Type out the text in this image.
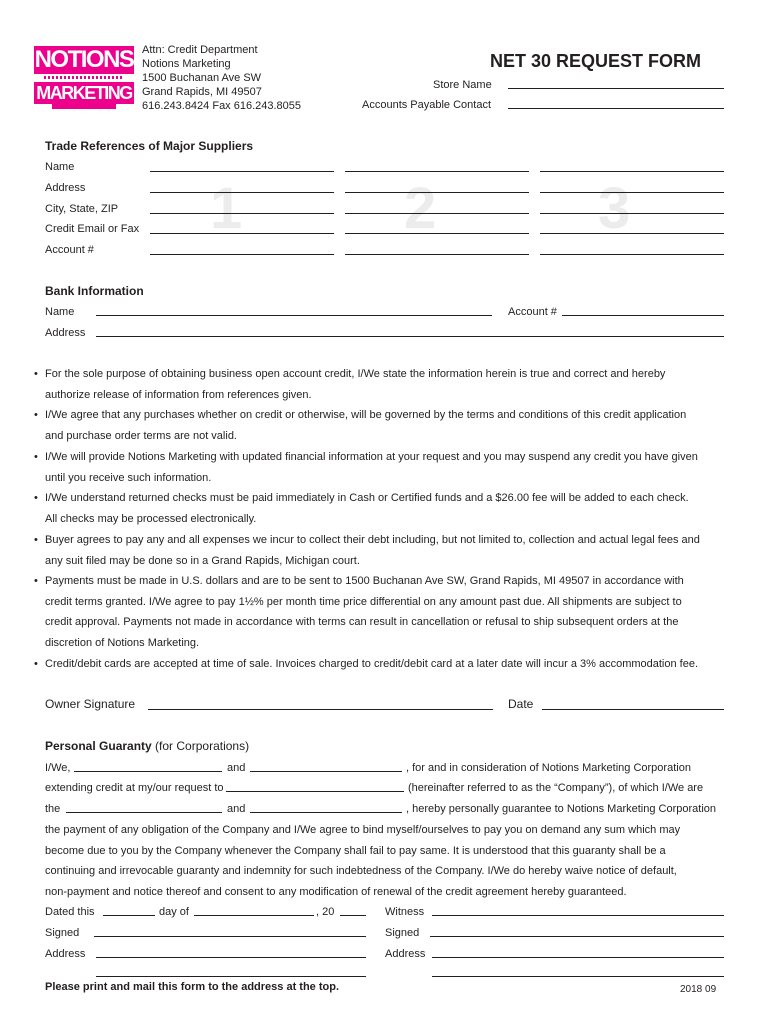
NOTIONS
MARKETING
Attn: Credit Department
Notions Marketing
1500 Buchanan Ave SW
Grand Rapids, MI 49507
616.243.8424 Fax 616.243.8055
NET 30 REQUEST FORM
Store Name
Accounts Payable Contact
Trade References of Major Suppliers
1	2	3
Name
Address
City, State, ZIP
Credit Email or Fax
Account #
Bank Information
Name	Account #
Address
• For the sole purpose of obtaining business open account credit, I/We state the information herein is true and correct and hereby
authorize release of information from references given.
• I/We agree that any purchases whether on credit or otherwise, will be governed by the terms and conditions of this credit application
and purchase order terms are not valid.
• I/We will provide Notions Marketing with updated financial information at your request and you may suspend any credit you have given
until you receive such information.
• I/We understand returned checks must be paid immediately in Cash or Certified funds and a $26.00 fee will be added to each check.
All checks may be processed electronically.
• Buyer agrees to pay any and all expenses we incur to collect their debt including, but not limited to, collection and actual legal fees and
any suit filed may be done so in a Grand Rapids, Michigan court.
• Payments must be made in U.S. dollars and are to be sent to 1500 Buchanan Ave SW, Grand Rapids, MI 49507 in accordance with
credit terms granted. I/We agree to pay 1½% per month time price differential on any amount past due. All shipments are subject to
credit approval. Payments not made in accordance with terms can result in cancellation or refusal to ship subsequent orders at the
discretion of Notions Marketing.
• Credit/debit cards are accepted at time of sale. Invoices charged to credit/debit card at a later date will incur a 3% accommodation fee.
Owner Signature	Date
Personal Guaranty (for Corporations)
I/We,	and	, for and in consideration of Notions Marketing Corporation
extending credit at my/our request to	(hereinafter referred to as the “Company”), of which I/We are
the	and	, hereby personally guarantee to Notions Marketing Corporation
the payment of any obligation of the Company and I/We agree to bind myself/ourselves to pay you on demand any sum which may
become due to you by the Company whenever the Company shall fail to pay same. It is understood that this guaranty shall be a
continuing and irrevocable guaranty and indemnity for such indebtedness of the Company. I/We do hereby waive notice of default,
non-payment and notice thereof and consent to any modification of renewal of the credit agreement hereby guaranteed.
Dated this	day of	, 20	Witness
Signed	Signed
Address	Address
Please print and mail this form to the address at the top.	2018 09
